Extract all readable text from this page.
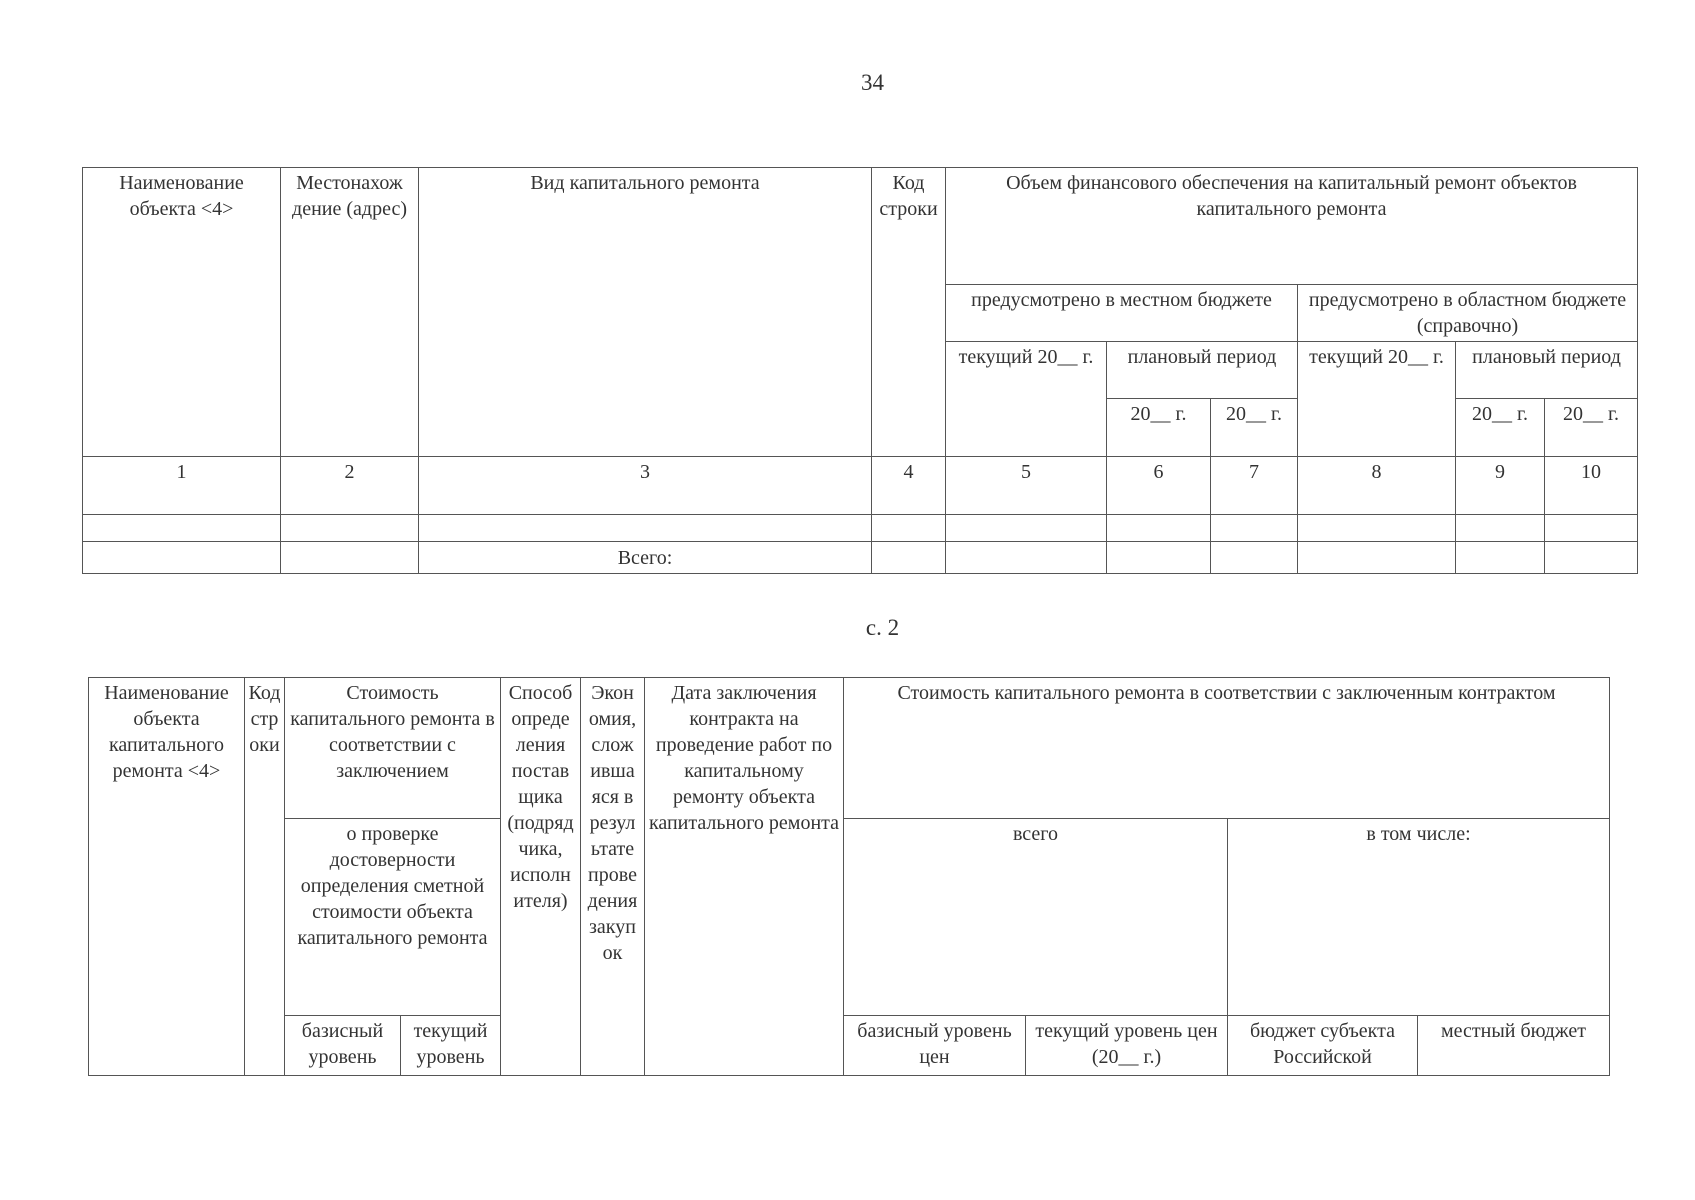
34
Наименование объекта <4>	Местонахож дение (адрес)	Вид капитального ремонта	Код строки	Объем финансового обеспечения на капитальный ремонт объектов капитального ремонта					
				предусмотрено в местном бюджете			предусмотрено в областном бюджете (справочно)		
				текущий 20__ г.	плановый период		текущий 20__ г.	плановый период	
					20__ г.	20__ г.		20__ г.	20__ г.
1	2	3	4	5	6	7	8	9	10

		Всего:							
с. 2
Наименование объекта капитального ремонта <4>	Код стр оки	Стоимость капитального ремонта в соответствии с заключением		Способ опреде ления постав щика (подряд чика, исполн ителя)	Экон омия, слож ивша яся в резул ьтате прове дения закуп ок	Дата заключения контракта на проведение работ по капитальному ремонту объекта капитального ремонта	Стоимость капитального ремонта в соответствии с заключенным контрактом			
		о проверке достоверности определения сметной стоимости объекта капитального ремонта					всего		в том числе:	
		базисный уровень	текущий уровень				базисный уровень цен	текущий уровень цен (20__ г.)	бюджет субъекта Российской	местный бюджет
